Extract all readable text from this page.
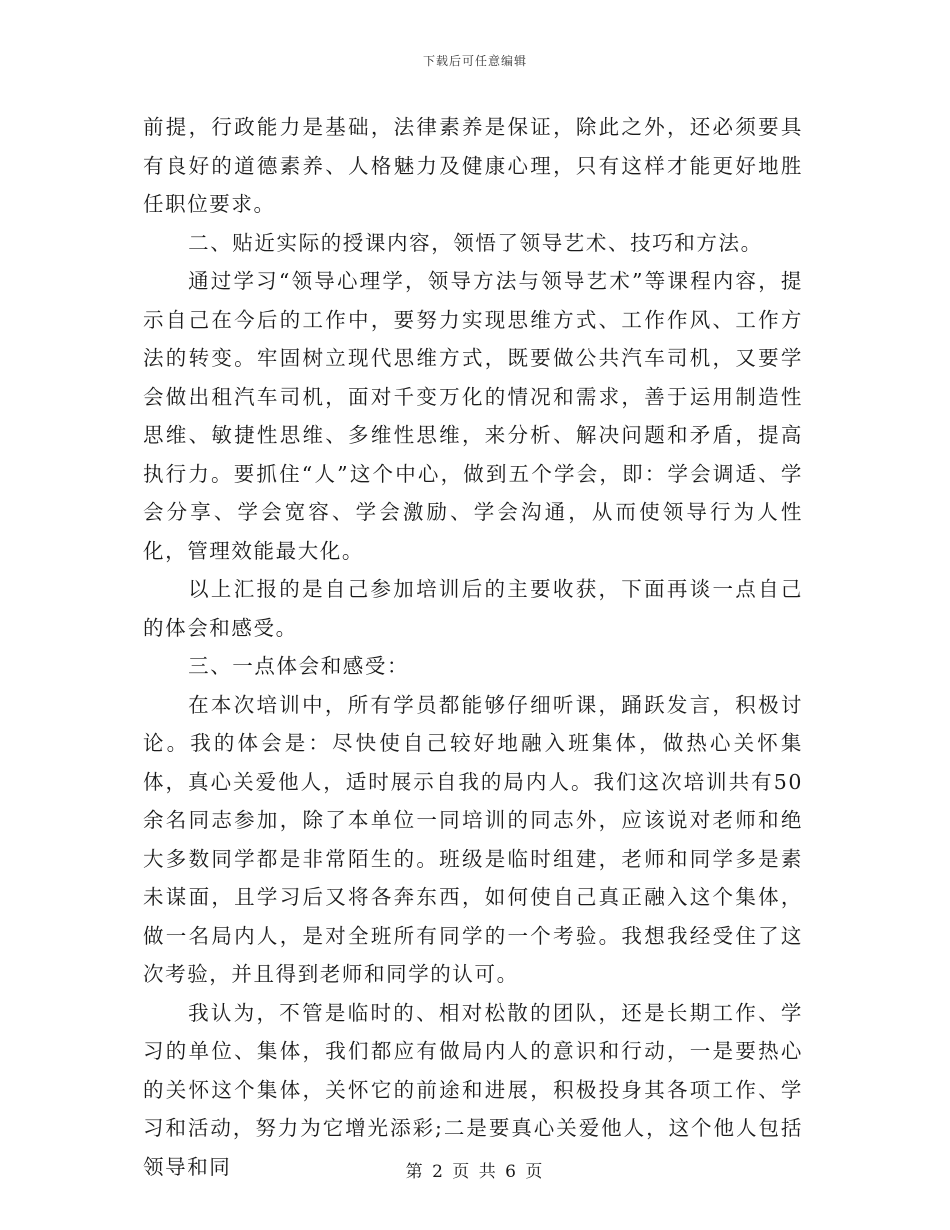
下载后可任意编辑

前提，行政能力是基础，法律素养是保证，除此之外，还必须要具有良好的道德素养、人格魅力及健康心理，只有这样才能更好地胜任职位要求。

二、贴近实际的授课内容，领悟了领导艺术、技巧和方法。

通过学习“领导心理学，领导方法与领导艺术”等课程内容，提示自己在今后的工作中，要努力实现思维方式、工作作风、工作方法的转变。牢固树立现代思维方式，既要做公共汽车司机，又要学会做出租汽车司机，面对千变万化的情况和需求，善于运用制造性思维、敏捷性思维、多维性思维，来分析、解决问题和矛盾，提高执行力。要抓住“人”这个中心，做到五个学会，即：学会调适、学会分享、学会宽容、学会激励、学会沟通，从而使领导行为人性化，管理效能最大化。

以上汇报的是自己参加培训后的主要收获，下面再谈一点自己的体会和感受。

三、一点体会和感受：

在本次培训中，所有学员都能够仔细听课，踊跃发言，积极讨论。我的体会是：尽快使自己较好地融入班集体，做热心关怀集体，真心关爱他人，适时展示自我的局内人。我们这次培训共有50余名同志参加，除了本单位一同培训的同志外，应该说对老师和绝大多数同学都是非常陌生的。班级是临时组建，老师和同学多是素未谋面，且学习后又将各奔东西，如何使自己真正融入这个集体，做一名局内人，是对全班所有同学的一个考验。我想我经受住了这次考验，并且得到老师和同学的认可。

我认为，不管是临时的、相对松散的团队，还是长期工作、学习的单位、集体，我们都应有做局内人的意识和行动，一是要热心的关怀这个集体，关怀它的前途和进展，积极投身其各项工作、学习和活动，努力为它增光添彩;二是要真心关爱他人，这个他人包括领导和同	第 2 页 共 6 页
